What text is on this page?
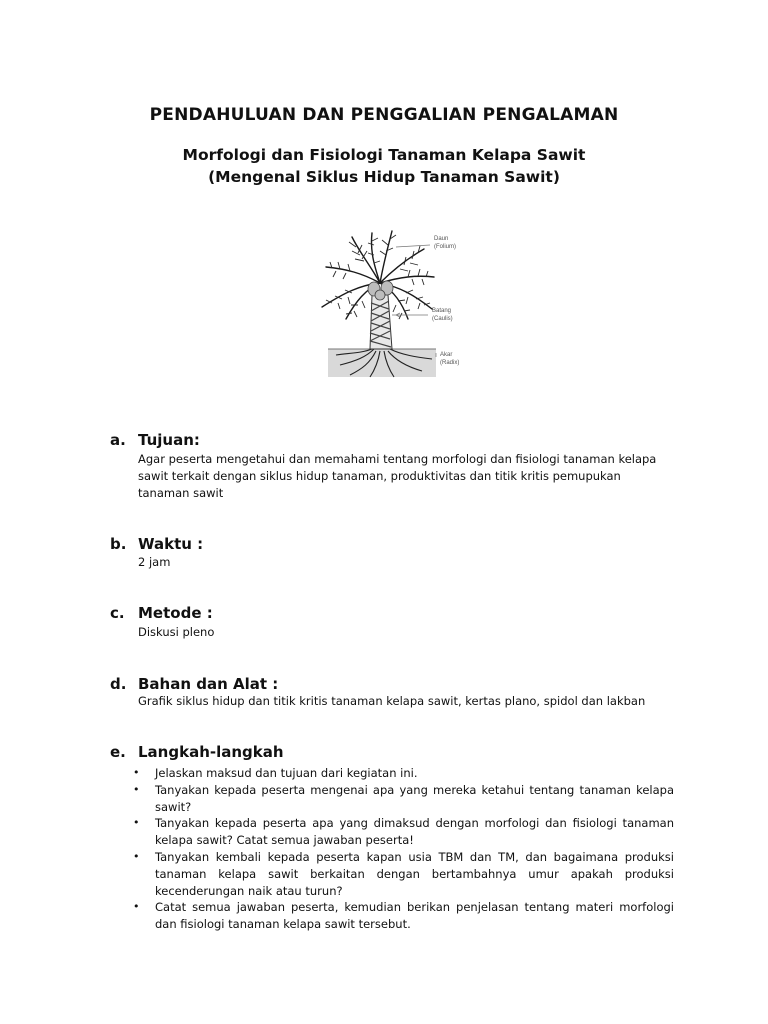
PENDAHULUAN DAN PENGGALIAN PENGALAMAN
Morfologi dan Fisiologi Tanaman Kelapa Sawit
(Mengenal Siklus Hidup Tanaman Sawit)
Daun
(Folium)
Batang
(Caulis)
Akar
(Radix)
a. Tujuan:
Agar peserta mengetahui dan memahami tentang morfologi dan fisiologi tanaman kelapa sawit terkait dengan siklus hidup tanaman, produktivitas dan titik kritis pemupukan tanaman sawit
b. Waktu :
2 jam
c. Metode :
Diskusi pleno
d. Bahan dan Alat :
Grafik siklus hidup dan titik kritis tanaman kelapa sawit, kertas plano, spidol dan lakban
e. Langkah-langkah
• Jelaskan maksud dan tujuan dari kegiatan ini.
• Tanyakan kepada peserta mengenai apa yang mereka ketahui tentang tanaman kelapa sawit?
• Tanyakan kepada peserta apa yang dimaksud dengan morfologi dan fisiologi tanaman kelapa sawit? Catat semua jawaban peserta!
• Tanyakan kembali kepada peserta kapan usia TBM dan TM, dan bagaimana produksi tanaman kelapa sawit berkaitan dengan bertambahnya umur apakah produksi kecenderungan naik atau turun?
• Catat semua jawaban peserta, kemudian berikan penjelasan tentang materi morfologi dan fisiologi tanaman kelapa sawit tersebut.
